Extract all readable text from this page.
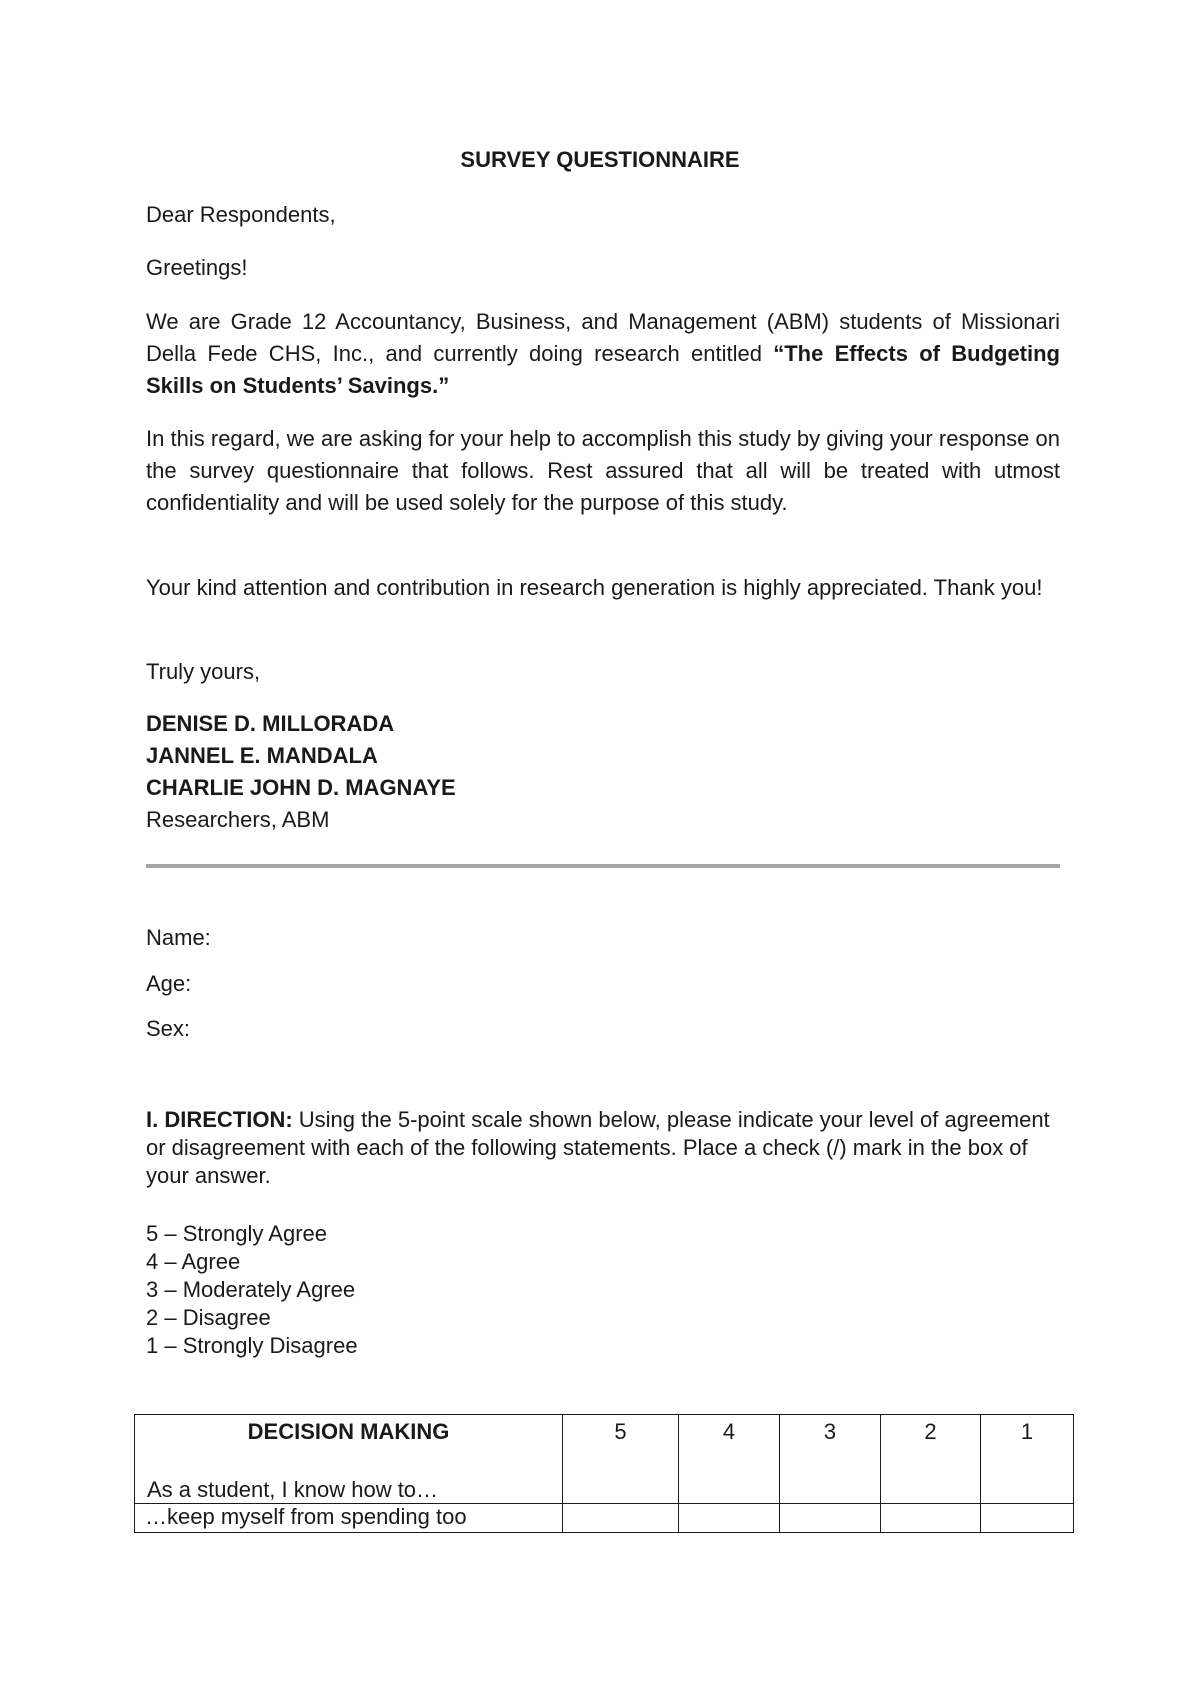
SURVEY QUESTIONNAIRE
Dear Respondents,
Greetings!

We are Grade 12 Accountancy, Business, and Management (ABM) students of Missionari Della Fede CHS, Inc., and currently doing research entitled “The Effects of Budgeting Skills on Students’ Savings.”

In this regard, we are asking for your help to accomplish this study by giving your response on the survey questionnaire that follows. Rest assured that all will be treated with utmost confidentiality and will be used solely for the purpose of this study.

Your kind attention and contribution in research generation is highly appreciated. Thank you!

Truly yours,
DENISE D. MILLORADA
JANNEL E. MANDALA
CHARLIE JOHN D. MAGNAYE
Researchers, ABM
Name:
Age:
Sex:

I. DIRECTION: Using the 5-point scale shown below, please indicate your level of agreement or disagreement with each of the following statements. Place a check (/) mark in the box of your answer.

5 – Strongly Agree
4 – Agree
3 – Moderately Agree
2 – Disagree
1 – Strongly Disagree
DECISION MAKING
As a student, I know how to…	5	4	3	2	1
…keep myself from spending too					
